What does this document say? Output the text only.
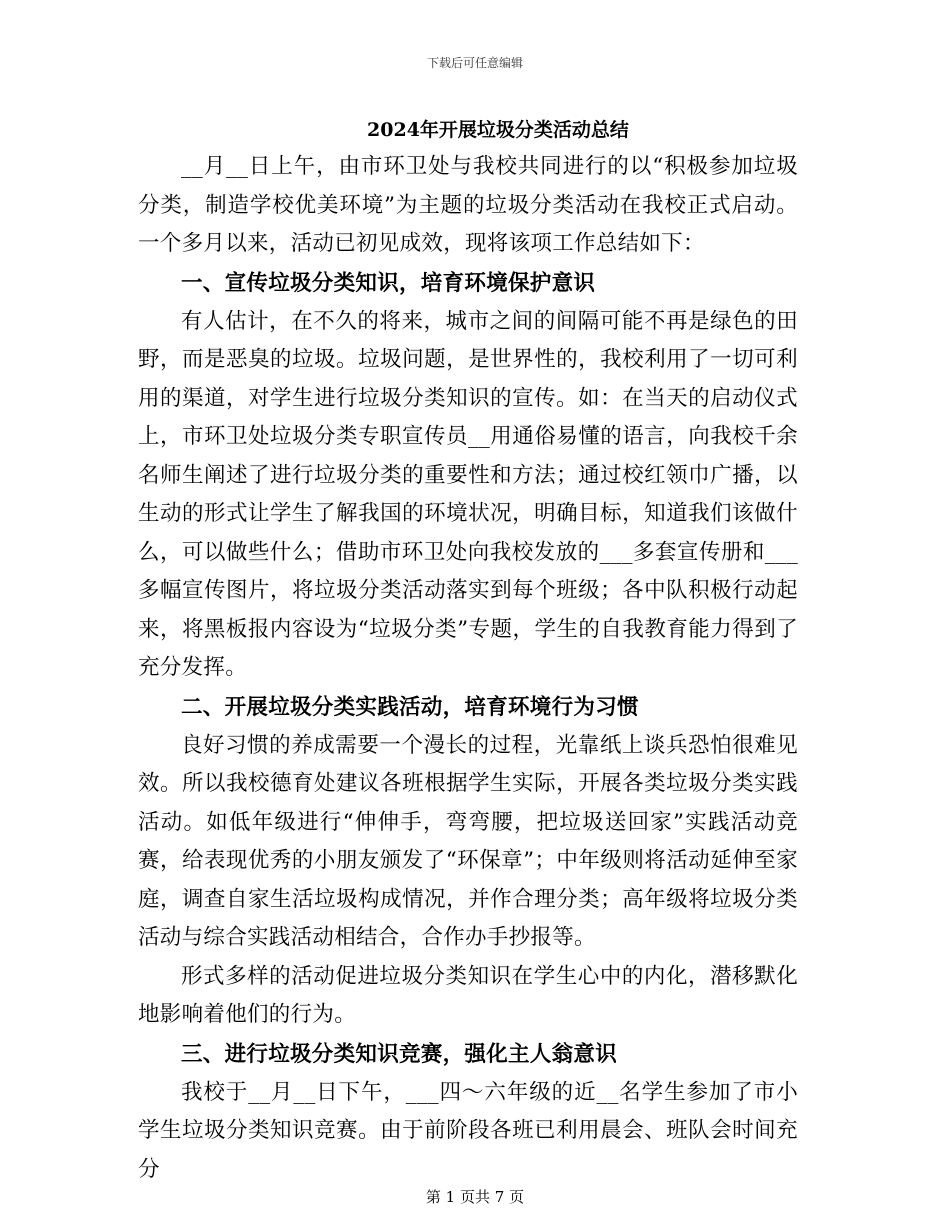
下载后可任意编辑
2024年开展垃圾分类活动总结

__月__日上午，由市环卫处与我校共同进行的以“积极参加垃圾分类，制造学校优美环境”为主题的垃圾分类活动在我校正式启动。一个多月以来，活动已初见成效，现将该项工作总结如下：

一、宣传垃圾分类知识，培育环境保护意识

有人估计，在不久的将来，城市之间的间隔可能不再是绿色的田野，而是恶臭的垃圾。垃圾问题，是世界性的，我校利用了一切可利用的渠道，对学生进行垃圾分类知识的宣传。如：在当天的启动仪式上，市环卫处垃圾分类专职宣传员__用通俗易懂的语言，向我校千余名师生阐述了进行垃圾分类的重要性和方法；通过校红领巾广播，以生动的形式让学生了解我国的环境状况，明确目标，知道我们该做什么，可以做些什么；借助市环卫处向我校发放的___多套宣传册和___多幅宣传图片，将垃圾分类活动落实到每个班级；各中队积极行动起来，将黑板报内容设为“垃圾分类”专题，学生的自我教育能力得到了充分发挥。

二、开展垃圾分类实践活动，培育环境行为习惯

良好习惯的养成需要一个漫长的过程，光靠纸上谈兵恐怕很难见效。所以我校德育处建议各班根据学生实际，开展各类垃圾分类实践活动。如低年级进行“伸伸手，弯弯腰，把垃圾送回家”实践活动竞赛，给表现优秀的小朋友颁发了“环保章”；中年级则将活动延伸至家庭，调查自家生活垃圾构成情况，并作合理分类；高年级将垃圾分类活动与综合实践活动相结合，合作办手抄报等。

形式多样的活动促进垃圾分类知识在学生心中的内化，潜移默化地影响着他们的行为。

三、进行垃圾分类知识竞赛，强化主人翁意识

我校于__月__日下午，___四～六年级的近__名学生参加了市小学生垃圾分类知识竞赛。由于前阶段各班已利用晨会、班队会时间充分

第 1 页共 7 页
